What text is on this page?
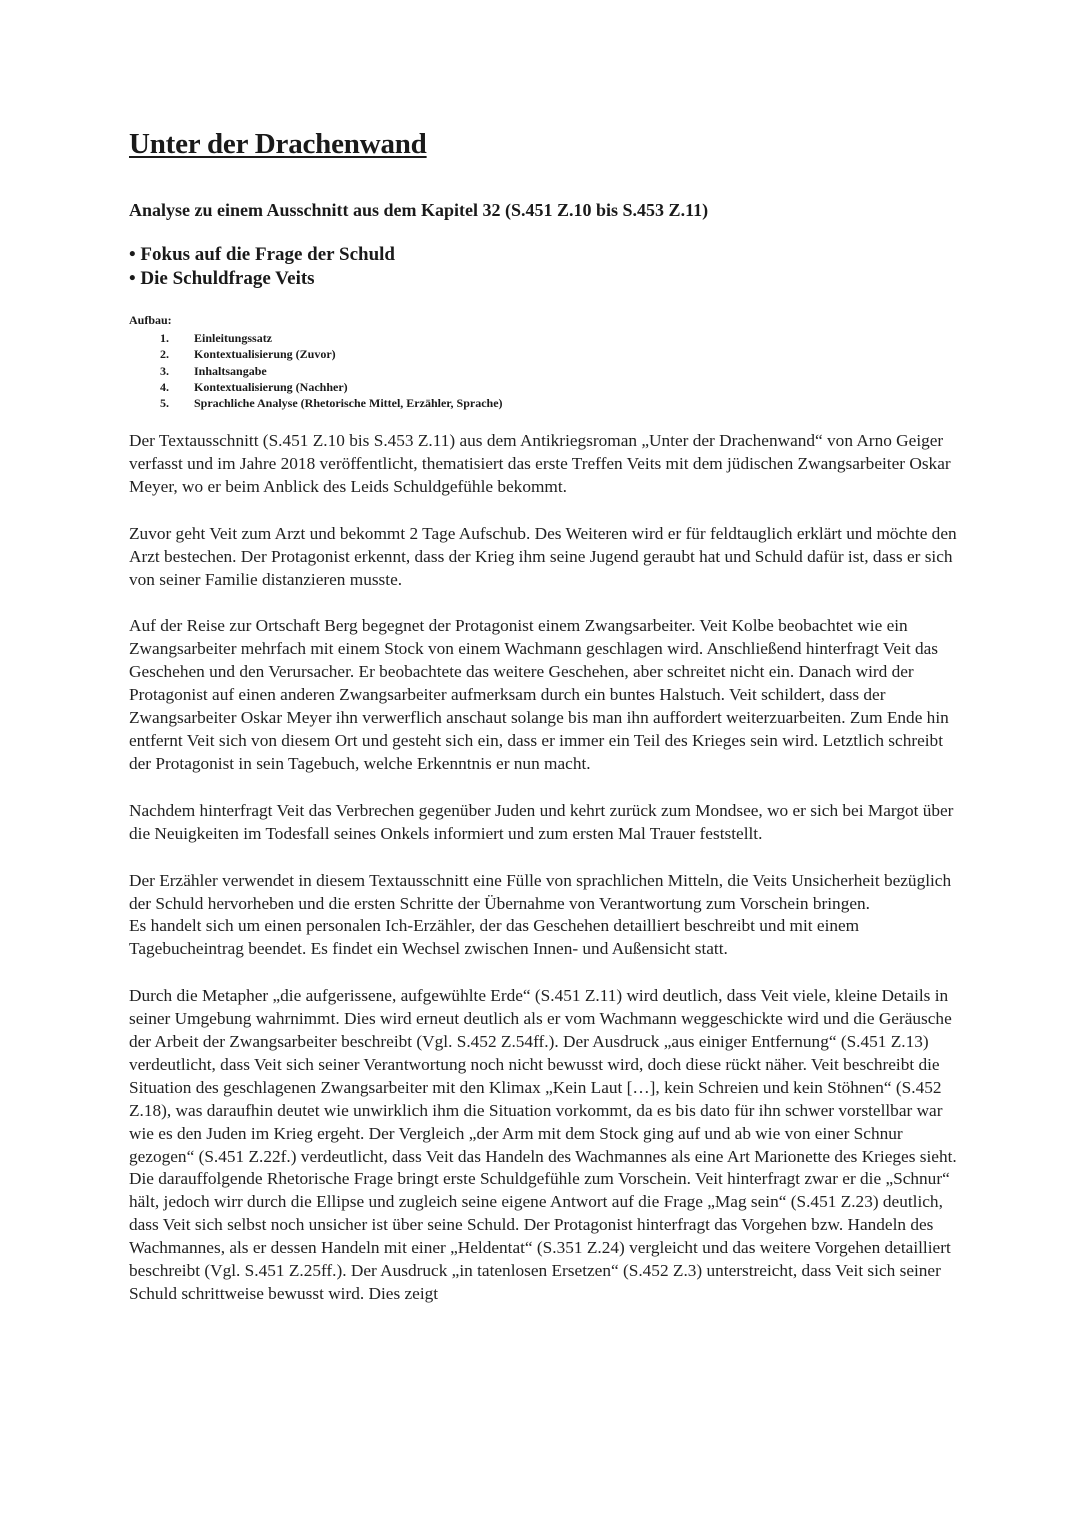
Unter der Drachenwand
Analyse zu einem Ausschnitt aus dem Kapitel 32 (S.451 Z.10 bis S.453 Z.11)
• Fokus auf die Frage der Schuld
• Die Schuldfrage Veits
Aufbau:
1. Einleitungssatz
2. Kontextualisierung (Zuvor)
3. Inhaltsangabe
4. Kontextualisierung (Nachher)
5. Sprachliche Analyse (Rhetorische Mittel, Erzähler, Sprache)

Der Textausschnitt (S.451 Z.10 bis S.453 Z.11) aus dem Antikriegsroman „Unter der Drachenwand“ von Arno Geiger verfasst und im Jahre 2018 veröffentlicht, thematisiert das erste Treffen Veits mit dem jüdischen Zwangsarbeiter Oskar Meyer, wo er beim Anblick des Leids Schuldgefühle bekommt.

Zuvor geht Veit zum Arzt und bekommt 2 Tage Aufschub. Des Weiteren wird er für feldtauglich erklärt und möchte den Arzt bestechen. Der Protagonist erkennt, dass der Krieg ihm seine Jugend geraubt hat und Schuld dafür ist, dass er sich von seiner Familie distanzieren musste.

Auf der Reise zur Ortschaft Berg begegnet der Protagonist einem Zwangsarbeiter. Veit Kolbe beobachtet wie ein Zwangsarbeiter mehrfach mit einem Stock von einem Wachmann geschlagen wird. Anschließend hinterfragt Veit das Geschehen und den Verursacher. Er beobachtete das weitere Geschehen, aber schreitet nicht ein. Danach wird der Protagonist auf einen anderen Zwangsarbeiter aufmerksam durch ein buntes Halstuch. Veit schildert, dass der Zwangsarbeiter Oskar Meyer ihn verwerflich anschaut solange bis man ihn auffordert weiterzuarbeiten. Zum Ende hin entfernt Veit sich von diesem Ort und gesteht sich ein, dass er immer ein Teil des Krieges sein wird. Letztlich schreibt der Protagonist in sein Tagebuch, welche Erkenntnis er nun macht.

Nachdem hinterfragt Veit das Verbrechen gegenüber Juden und kehrt zurück zum Mondsee, wo er sich bei Margot über die Neuigkeiten im Todesfall seines Onkels informiert und zum ersten Mal Trauer feststellt.

Der Erzähler verwendet in diesem Textausschnitt eine Fülle von sprachlichen Mitteln, die Veits Unsicherheit bezüglich der Schuld hervorheben und die ersten Schritte der Übernahme von Verantwortung zum Vorschein bringen.

Es handelt sich um einen personalen Ich-Erzähler, der das Geschehen detailliert beschreibt und mit einem Tagebucheintrag beendet. Es findet ein Wechsel zwischen Innen- und Außensicht statt.

Durch die Metapher „die aufgerissene, aufgewühlte Erde“ (S.451 Z.11) wird deutlich, dass Veit viele, kleine Details in seiner Umgebung wahrnimmt. Dies wird erneut deutlich als er vom Wachmann weggeschickte wird und die Geräusche der Arbeit der Zwangsarbeiter beschreibt (Vgl. S.452 Z.54ff.). Der Ausdruck „aus einiger Entfernung“ (S.451 Z.13) verdeutlicht, dass Veit sich seiner Verantwortung noch nicht bewusst wird, doch diese rückt näher. Veit beschreibt die Situation des geschlagenen Zwangsarbeiter mit den Klimax „Kein Laut […], kein Schreien und kein Stöhnen“ (S.452 Z.18), was daraufhin deutet wie unwirklich ihm die Situation vorkommt, da es bis dato für ihn schwer vorstellbar war wie es den Juden im Krieg ergeht. Der Vergleich „der Arm mit dem Stock ging auf und ab wie von einer Schnur gezogen“ (S.451 Z.22f.) verdeutlicht, dass Veit das Handeln des Wachmannes als eine Art Marionette des Krieges sieht. Die darauffolgende Rhetorische Frage bringt erste Schuldgefühle zum Vorschein. Veit hinterfragt zwar er die „Schnur“ hält, jedoch wirr durch die Ellipse und zugleich seine eigene Antwort auf die Frage „Mag sein“ (S.451 Z.23) deutlich, dass Veit sich selbst noch unsicher ist über seine Schuld. Der Protagonist hinterfragt das Vorgehen bzw. Handeln des Wachmannes, als er dessen Handeln mit einer „Heldentat“ (S.351 Z.24) vergleicht und das weitere Vorgehen detailliert beschreibt (Vgl. S.451 Z.25ff.). Der Ausdruck „in tatenlosen Ersetzen“ (S.452 Z.3) unterstreicht, dass Veit sich seiner Schuld schrittweise bewusst wird. Dies zeigt
